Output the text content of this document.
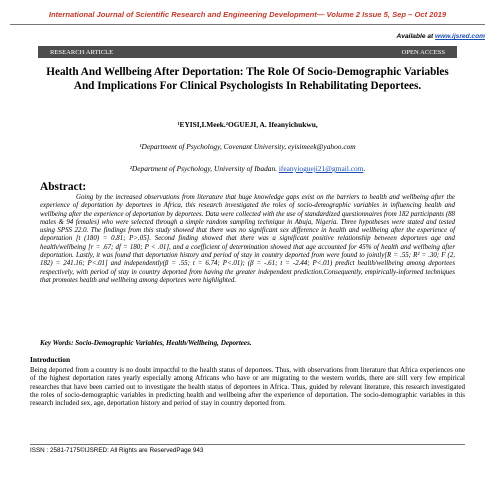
International Journal of Scientific Research and Engineering Development— Volume 2 Issue 5, Sep – Oct 2019
Available at www.ijsred.com
RESEARCH ARTICLE	OPEN ACCESS
Health And Wellbeing After Deportation: The Role Of Socio-Demographic Variables And Implications For Clinical Psychologists In Rehabilitating Deportees.
¹EYISI,I.Meek.²OGUEJI, A. Ifeanyichukwu,
¹Department of Psychology, Covenant University, eyisimeek@yahoo.com
²Department of Psychology, University of Ibadan. ifeanyiogueji21@gmail.com.
Abstract:
Going by the increased observations from literature that huge knowledge gaps exist on the barriers to health and wellbeing after the experience of deportation by deportees in Africa, this research investigated the roles of socio-demographic variables in influencing health and wellbeing after the experience of deportation by deportees. Data were collected with the use of standardized questionnaires from 182 participants (88 males & 94 females) who were selected through a simple random sampling technique in Abuja, Nigeria. Three hypotheses were stated and tested using SPSS 22.0. The findings from this study showed that there was no significant sex difference in health and wellbeing after the experience of deportation [t (180) = 0.81; P>.05]. Second finding showed that there was a significant positive relationship between deportees age and health/wellbeing [r = .67; df = 180; P < .01], and a coefficient of determination showed that age accounted for 45% of health and wellbeing after deportation. Lastly, it was found that deportation history and period of stay in country deported from were found to jointly[R = .55; R² = .30; F (2, 182) = 241.16; P<.01] and independently(β = .55; t = 6.74; P<.01); (β = -.61; t = -2.44; P<.01) predict health/wellbeing among deportees respectively, with period of stay in country deported from having the greater independent prediction.Consequently, empirically-informed techniques that promotes health and wellbeing among deportees were highlighted.
Key Words: Socio-Demographic Variables, Health/Wellbeing, Deportees.
Introduction
Being deported from a country is no doubt impactful to the health status of deportees. Thus, with observations from literature that Africa experiences one of the highest deportation rates yearly especially among Africans who have or are migrating to the western worlds, there are still very few empirical researches that have been carried out to investigate the health status of deportees in Africa. Thus, guided by relevant literature, this research investigated the roles of socio-demographic variables in predicting health and wellbeing after the experience of deportation. The socio-demographic variables in this research included sex, age, deportation history and period of stay in country deported from.
ISSN : 2581-7175©IJSRED: All Rights are ReservedPage 943
